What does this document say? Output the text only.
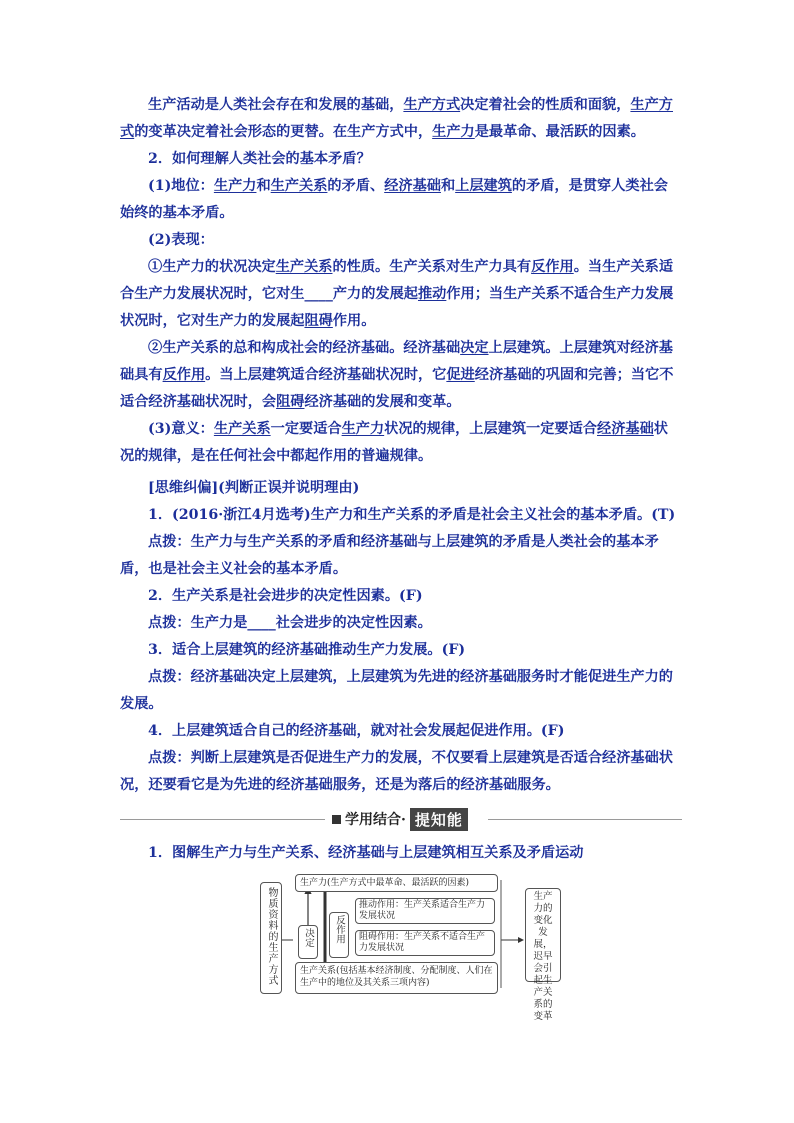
生产活动是人类社会存在和发展的基础，生产方式决定着社会的性质和面貌，生产方式的变革决定着社会形态的更替。在生产方式中，生产力是最革命、最活跃的因素。

2．如何理解人类社会的基本矛盾？

(1)地位：生产力和生产关系的矛盾、经济基础和上层建筑的矛盾，是贯穿人类社会始终的基本矛盾。

(2)表现：

①生产力的状况决定生产关系的性质。生产关系对生产力具有反作用。当生产关系适合生产力发展状况时，它对生____产力的发展起推动作用；当生产关系不适合生产力发展状况时，它对生产力的发展起阻碍作用。

②生产关系的总和构成社会的经济基础。经济基础决定上层建筑。上层建筑对经济基础具有反作用。当上层建筑适合经济基础状况时，它促进经济基础的巩固和完善；当它不适合经济基础状况时，会阻碍经济基础的发展和变革。

(3)意义：生产关系一定要适合生产力状况的规律，上层建筑一定要适合经济基础状况的规律，是在任何社会中都起作用的普遍规律。

[思维纠偏](判断正误并说明理由)

1．(2016·浙江4月选考)生产力和生产关系的矛盾是社会主义社会的基本矛盾。(T)

点拨：生产力与生产关系的矛盾和经济基础与上层建筑的矛盾是人类社会的基本矛盾，也是社会主义社会的基本矛盾。

2．生产关系是社会进步的决定性因素。(F)

点拨：生产力是____社会进步的决定性因素。

3．适合上层建筑的经济基础推动生产力发展。(F)

点拨：经济基础决定上层建筑，上层建筑为先进的经济基础服务时才能促进生产力的发展。

4．上层建筑适合自己的经济基础，就对社会发展起促进作用。(F)

点拨：判断上层建筑是否促进生产力的发展，不仅要看上层建筑是否适合经济基础状况，还要看它是为先进的经济基础服务，还是为落后的经济基础服务。

学用结合· 提知能

1．图解生产力与生产关系、经济基础与上层建筑相互关系及矛盾运动

物质资料的生产方式
生产力(生产方式中最革命、最活跃的因素)
决定	反作用
推动作用：生产关系适合生产力发展状况
阻碍作用：生产关系不适合生产力发展状况
生产关系(包括基本经济制度、分配制度、人们在生产中的地位及其关系三项内容)
生产力的变化发展，迟早会引起生产关系的变革
